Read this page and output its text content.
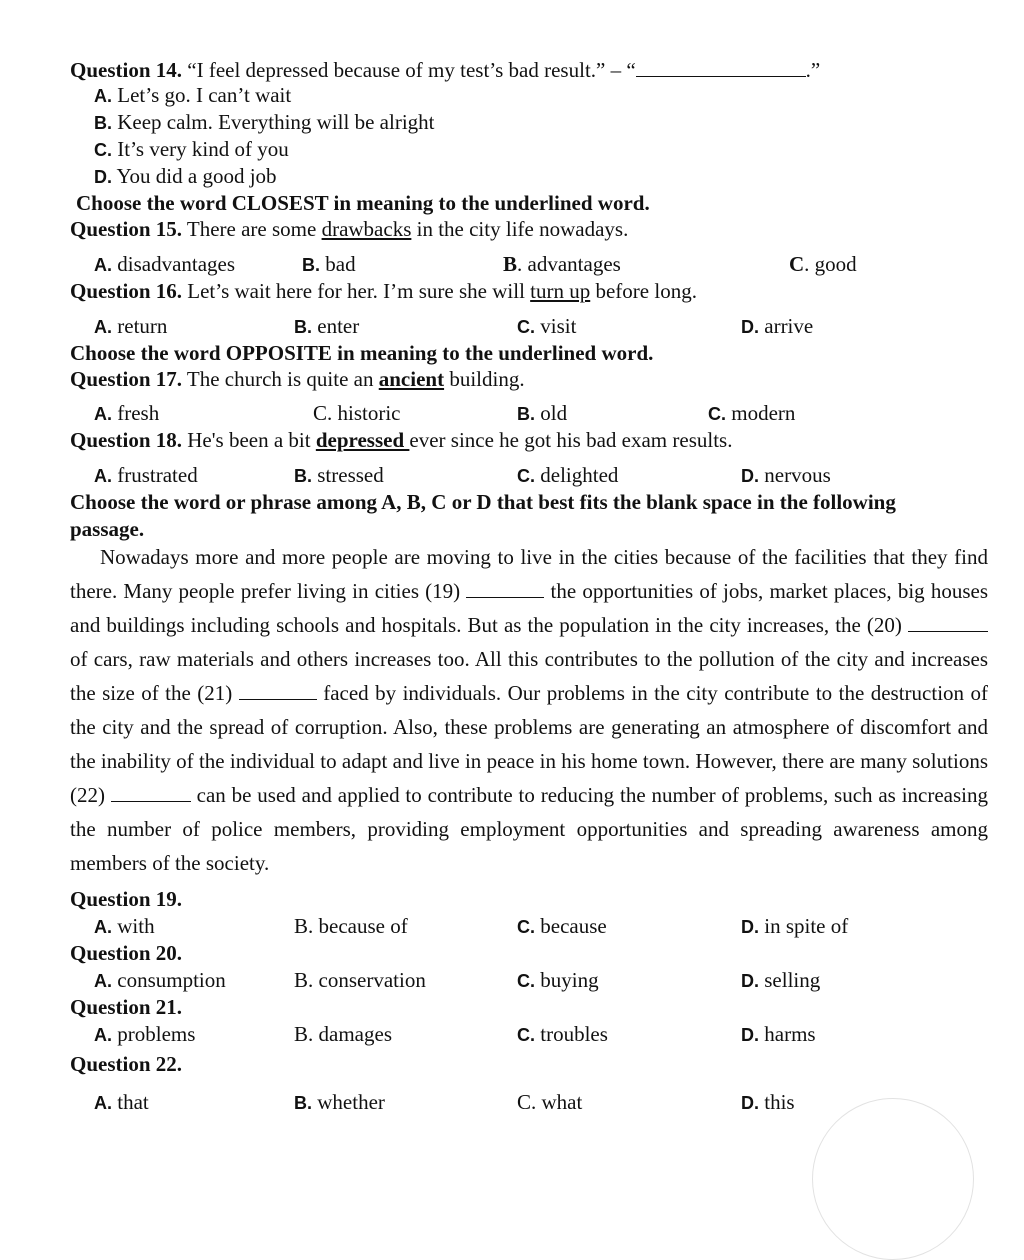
Question 14. “I feel depressed because of my test’s bad result.” – “	.”
A. Let’s go. I can’t wait
B. Keep calm. Everything will be alright
C. It’s very kind of you
D. You did a good job
Choose the word CLOSEST in meaning to the underlined word.
Question 15. There are some drawbacks in the city life nowadays.
A. disadvantages	B. bad	B. advantages	C. good
Question 16. Let’s wait here for her. I’m sure she will turn up before long.
A. return	B. enter	C. visit	D. arrive
Choose the word OPPOSITE in meaning to the underlined word.
Question 17. The church is quite an ancient building.
A. fresh	C. historic	B. old	C. modern
Question 18. He's been a bit depressed ever since he got his bad exam results.
A. frustrated	B. stressed	C. delighted	D. nervous
Choose the word or phrase among A, B, C or D that best fits the blank space in the following
passage.
Nowadays more and more people are moving to live in the cities because of the facilities that they find there. Many people prefer living in cities (19)	the opportunities of jobs, market places, big houses and buildings including schools and hospitals. But as the population in the city increases, the (20)  of cars, raw materials and others increases too. All this contributes to the pollution of the city and increases the size of the (21)	faced by individuals. Our problems in the city contribute to the destruction of the city and the spread of corruption. Also, these problems are generating an atmosphere of discomfort and the inability of the individual to adapt and live in peace in his home town. However, there are many solutions (22)	can be used and applied to contribute to reducing the number of problems, such as increasing the number of police members, providing employment opportunities and spreading awareness among members of the society.
Question 19.
A. with	B. because of	C. because	D. in spite of
Question 20.
A. consumption	B. conservation	C. buying	D. selling
Question 21.
A. problems	B. damages	C. troubles	D. harms
Question 22.
A. that	B. whether	C. what	D. this
